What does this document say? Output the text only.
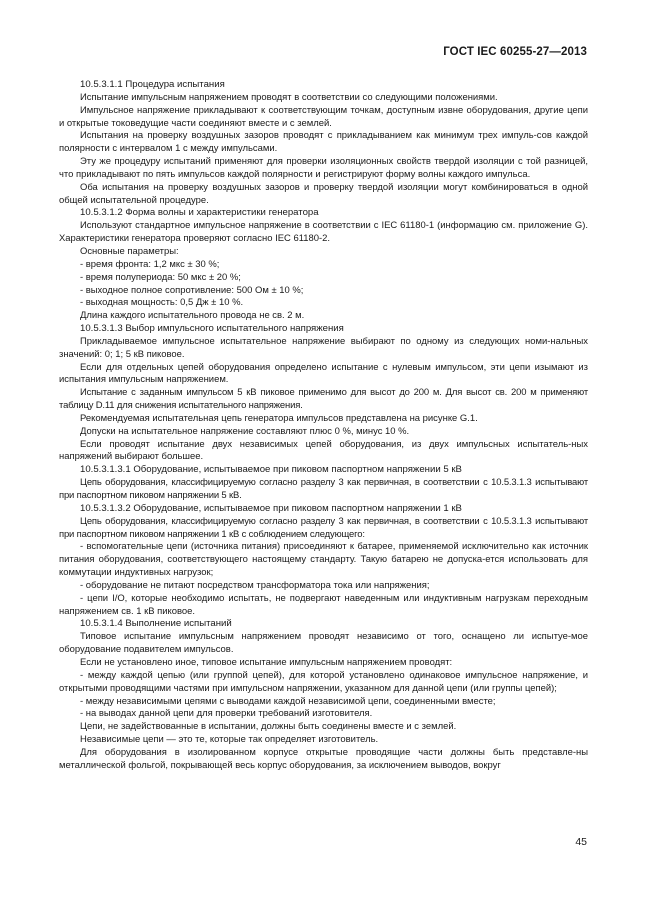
ГОСТ IEC 60255-27—2013

10.5.3.1.1 Процедура испытания

Испытание импульсным напряжением проводят в соответствии со следующими положениями.

Импульсное напряжение прикладывают к соответствующим точкам, доступным извне оборудования, другие цепи и открытые токоведущие части соединяют вместе и с землей.

Испытания на проверку воздушных зазоров проводят с прикладыванием как минимум трех импуль-сов каждой полярности с интервалом 1 с между импульсами.

Эту же процедуру испытаний применяют для проверки изоляционных свойств твердой изоляции с той разницей, что прикладывают по пять импульсов каждой полярности и регистрируют форму волны каждого импульса.

Оба испытания на проверку воздушных зазоров и проверку твердой изоляции могут комбинироваться в одной общей испытательной процедуре.

10.5.3.1.2 Форма волны и характеристики генератора

Используют стандартное импульсное напряжение в соответствии с IEC 61180-1 (информацию см. приложение G). Характеристики генератора проверяют согласно IEC 61180-2.

Основные параметры:

- время фронта: 1,2 мкс ± 30 %;

- время полупериода: 50 мкс ± 20 %;

- выходное полное сопротивление: 500 Ом ± 10 %;

- выходная мощность: 0,5 Дж ± 10 %.

Длина каждого испытательного провода не св. 2 м.

10.5.3.1.3 Выбор импульсного испытательного напряжения

Прикладываемое импульсное испытательное напряжение выбирают по одному из следующих номи-нальных значений: 0; 1; 5 кВ пиковое.

Если для отдельных цепей оборудования определено испытание с нулевым импульсом, эти цепи изымают из испытания импульсным напряжением.

Испытание с заданным импульсом 5 кВ пиковое применимо для высот до 200 м. Для высот св. 200 м применяют таблицу D.11 для снижения испытательного напряжения.

Рекомендуемая испытательная цепь генератора импульсов представлена на рисунке G.1.

Допуски на испытательное напряжение составляют плюс 0 %, минус 10 %.

Если проводят испытание двух независимых цепей оборудования, из двух импульсных испытатель-ных напряжений выбирают большее.

10.5.3.1.3.1 Оборудование, испытываемое при пиковом паспортном напряжении 5 кВ

Цепь оборудования, классифицируемую согласно разделу 3 как первичная, в соответствии с 10.5.3.1.3 испытывают при паспортном пиковом напряжении 5 кВ.

10.5.3.1.3.2 Оборудование, испытываемое при пиковом паспортном напряжении 1 кВ

Цепь оборудования, классифицируемую согласно разделу 3 как первичная, в соответствии с 10.5.3.1.3 испытывают при паспортном пиковом напряжении 1 кВ с соблюдением следующего:

- вспомогательные цепи (источника питания) присоединяют к батарее, применяемой исключительно как источник питания оборудования, соответствующего настоящему стандарту. Такую батарею не допуска-ется использовать для коммутации индуктивных нагрузок;

- оборудование не питают посредством трансформатора тока или напряжения;

- цепи I/O, которые необходимо испытать, не подвергают наведенным или индуктивным нагрузкам переходным напряжением св. 1 кВ пиковое.

10.5.3.1.4 Выполнение испытаний

Типовое испытание импульсным напряжением проводят независимо от того, оснащено ли испытуе-мое оборудование подавителем импульсов.

Если не установлено иное, типовое испытание импульсным напряжением проводят:

- между каждой цепью (или группой цепей), для которой установлено одинаковое импульсное напряжение, и открытыми проводящими частями при импульсном напряжении, указанном для данной цепи (или группы цепей);

- между независимыми цепями с выводами каждой независимой цепи, соединенными вместе;

- на выводах данной цепи для проверки требований изготовителя.

Цепи, не задействованные в испытании, должны быть соединены вместе и с землей.

Независимые цепи — это те, которые так определяет изготовитель.

Для оборудования в изолированном корпусе открытые проводящие части должны быть представле-ны металлической фольгой, покрывающей весь корпус оборудования, за исключением выводов, вокруг

45
